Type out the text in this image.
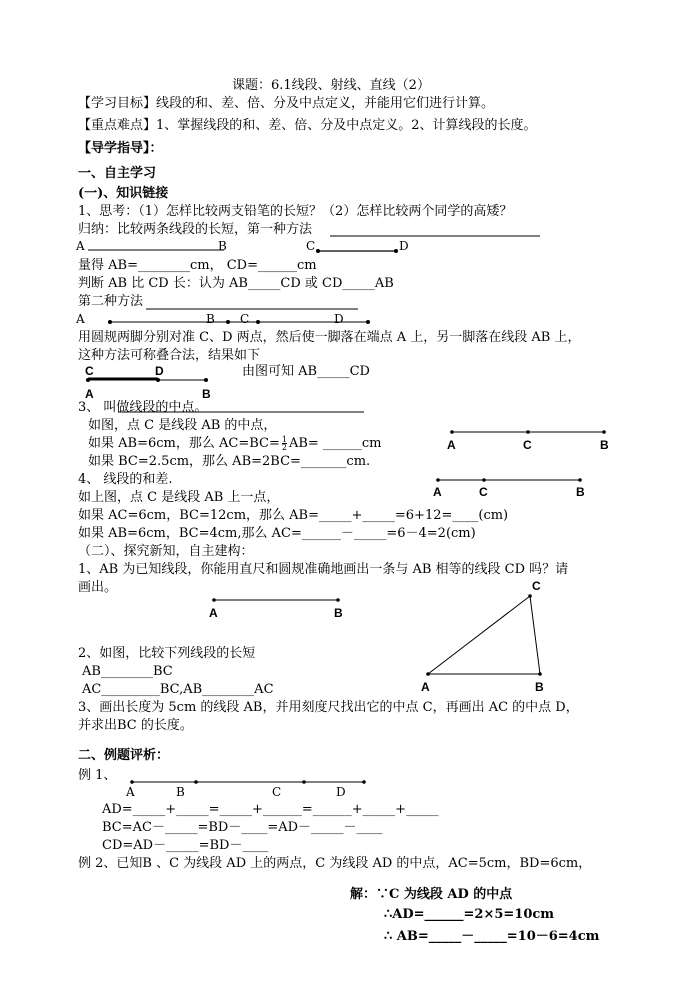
课题：6.1线段、射线、直线（2）
【学习目标】线段的和、差、倍、分及中点定义，并能用它们进行计算。
【重点难点】1、掌握线段的和、差、倍、分及中点定义。2、计算线段的长度。
【导学指导】：
一、自主学习
(一)、知识链接
1、思考：（1）怎样比较两支铅笔的长短？（2）怎样比较两个同学的高矮？
归纳：比较两条线段的长短，第一种方法
A	B	C	D
量得 AB=________cm， CD=______cm
判断 AB 比 CD 长：认为 AB_____CD 或 CD_____AB
第二种方法
A	B C	D
用圆规两脚分别对准 C、D 两点，然后使一脚落在端点 A 上，另一脚落在线段 AB 上，
这种方法可称叠合法，结果如下
C	D
A	B
由图可知 AB_____CD
3、 叫做线段的中点。
如图，点 C 是线段 AB 的中点，
如果 AB=6cm，那么 $AC=BC= \frac{1}{2} AB=$ ______cm
如果 BC=2.5cm，那么 AB=2BC=_______cm.
A	C	B
4、 线段的和差.
A	C	B
如上图，点 C 是线段 AB 上一点，
如果 AC=6cm，BC=12cm，那么 AB=_____+_____=6+12=____(cm)
如果 AB=6cm，BC=4cm,那么 AC=______－_____=6－4=2(cm)
（二）、探究新知，自主建构：
1、AB 为已知线段，你能用直尺和圆规准确地画出一条与 AB 相等的线段 CD 吗？请
画出。
A	B
C
A	B
2、如图，比较下列线段的长短
AB________BC
AC_________BC,AB________AC
3、画出长度为 5cm 的线段 AB，并用刻度尺找出它的中点 C，再画出 AC 的中点 D，
并求出BC 的长度。
二、例题评析：
例 1、
A	B	C	D
AD=_____+_____=_____+______=______+_____+_____
BC=AC－_____=BD－____=AD－_____－____
CD=AD－_____=BD－____
例 2、已知B 、C 为线段 AD 上的两点，C 为线段 AD 的中点，AC=5cm，BD=6cm，
解：∵C 为线段 AD 的中点
∴AD=______=2×5=10cm
∴ AB=_____－_____=10－6=4cm
